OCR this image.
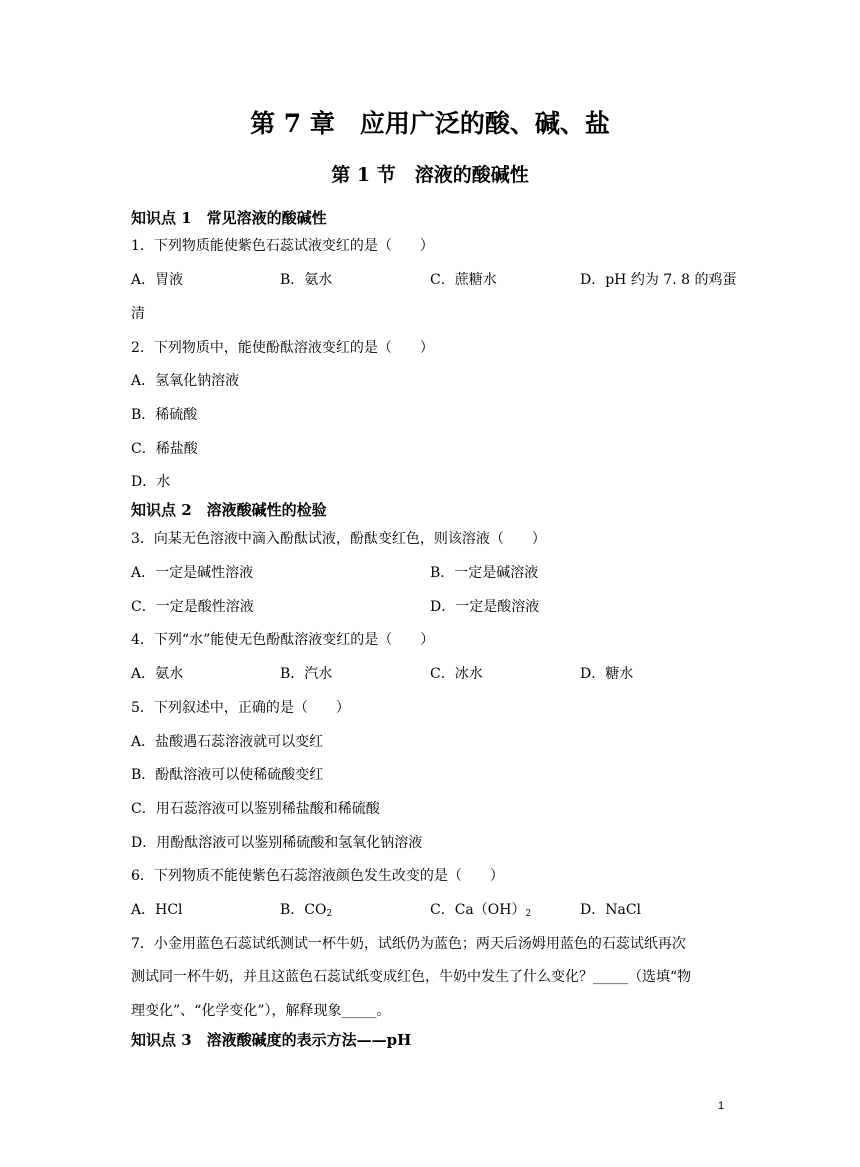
第 7 章　应用广泛的酸、碱、盐
第 1 节　溶液的酸碱性
知识点 1　常见溶液的酸碱性
1．下列物质能使紫色石蕊试液变红的是（　　）
A．胃液	B．氨水	C．蔗糖水	D．pH 约为 7. 8 的鸡蛋
清
2．下列物质中，能使酚酞溶液变红的是（　　）
A．氢氧化钠溶液
B．稀硫酸
C．稀盐酸
D．水
知识点 2　溶液酸碱性的检验
3．向某无色溶液中滴入酚酞试液，酚酞变红色，则该溶液（　　）
A．一定是碱性溶液	B．一定是碱溶液
C．一定是酸性溶液	D．一定是酸溶液
4．下列“水”能使无色酚酞溶液变红的是（　　）
A．氨水	B．汽水	C．冰水	D．糖水
5．下列叙述中，正确的是（　　）
A．盐酸遇石蕊溶液就可以变红
B．酚酞溶液可以使稀硫酸变红
C．用石蕊溶液可以鉴别稀盐酸和稀硫酸
D．用酚酞溶液可以鉴别稀硫酸和氢氧化钠溶液
6．下列物质不能使紫色石蕊溶液颜色发生改变的是（　　）
A．HCl	B．$CO_2$	C．$Ca(OH)_2$	D．NaCl
7．小金用蓝色石蕊试纸测试一杯牛奶，试纸仍为蓝色；两天后汤姆用蓝色的石蕊试纸再次
测试同一杯牛奶，并且这蓝色石蕊试纸变成红色，牛奶中发生了什么变化？_____（选填“物
理变化”、“化学变化”），解释现象_____。
知识点 3　溶液酸碱度的表示方法——pH
1
